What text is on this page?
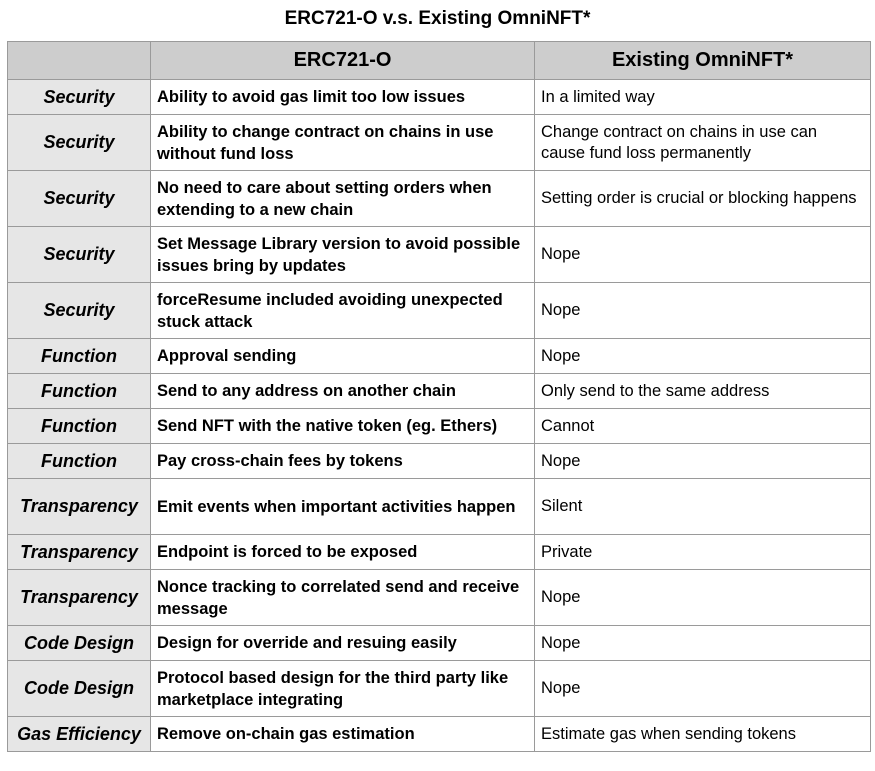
ERC721-O v.s. Existing OmniNFT*
	ERC721-O	Existing OmniNFT*
Security	Ability to avoid gas limit too low issues	In a limited way
Security	Ability to change contract on chains in use without fund loss	Change contract on chains in use can cause fund loss permanently
Security	No need to care about setting orders when extending to a new chain	Setting order is crucial or blocking happens
Security	Set Message Library version to avoid possible issues bring by updates	Nope
Security	forceResume included avoiding unexpected stuck attack	Nope
Function	Approval sending	Nope
Function	Send to any address on another chain	Only send to the same address
Function	Send NFT with the native token (eg. Ethers)	Cannot
Function	Pay cross-chain fees by tokens	Nope
Transparency	Emit events when important activities happen	Silent
Transparency	Endpoint is forced to be exposed	Private
Transparency	Nonce tracking to correlated send and receive message	Nope
Code Design	Design for override and resuing easily	Nope
Code Design	Protocol based design for the third party like marketplace integrating	Nope
Gas Efficiency	Remove on-chain gas estimation	Estimate gas when sending tokens
